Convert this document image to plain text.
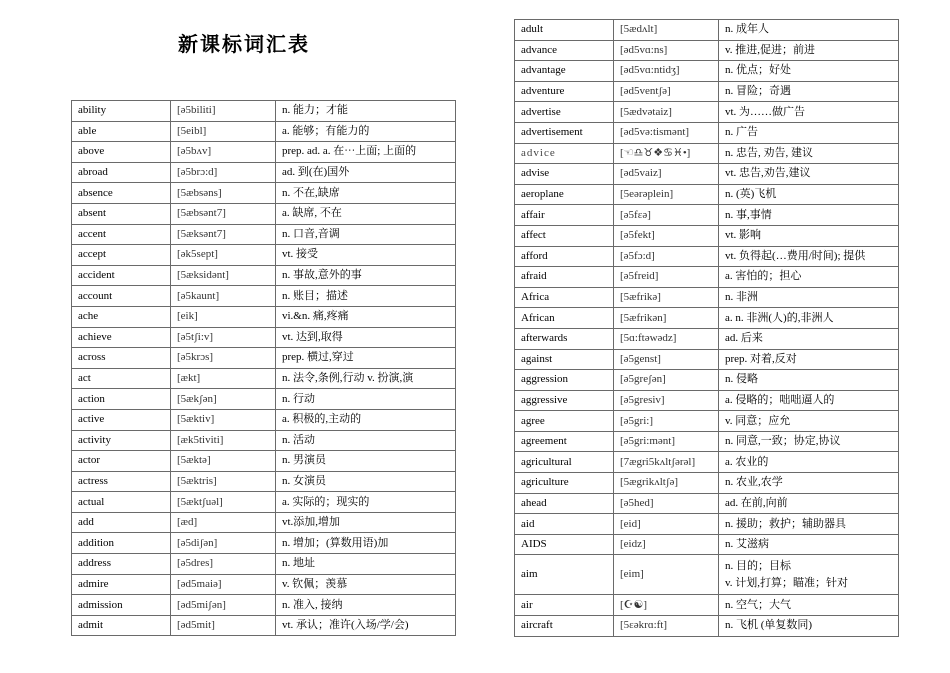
新课标词汇表
ability	[ə5biliti]	n. 能力；才能
able	[5eibl]	a. 能够；有能力的
above	[ə5bʌv]	prep. ad. a. 在⋯上面; 上面的
abroad	[ə5brɔ:d]	ad. 到(在)国外
absence	[5æbsəns]	n. 不在,缺席
absent	[5æbsənt7]	a. 缺席, 不在
accent	[5æksənt7]	n. 口音,音调
accept	[ək5sept]	vt. 接受
accident	[5æksidənt]	n. 事故,意外的事
account	[ə5kaunt]	n. 账目；描述
ache	[eik]	vi.&n. 痛,疼痛
achieve	[ə5tʃi:v]	vt. 达到,取得
across	[ə5krɔs]	prep. 横过,穿过
act	[ækt]	n. 法令,条例,行动 v. 扮演,演
action	[5ækʃən]	n. 行动
active	[5æktiv]	a. 积极的,主动的
activity	[æk5tiviti]	n. 活动
actor	[5æktə]	n. 男演员
actress	[5æktris]	n. 女演员
actual	[5æktʃuəl]	a. 实际的；现实的
add	[æd]	vt.添加,增加
addition	[ə5diʃən]	n. 增加；(算数用语)加
address	[ə5dres]	n. 地址
admire	[əd5maiə]	v. 钦佩；羡慕
admission	[əd5miʃən]	n. 准入, 接纳
admit	[əd5mit]	vt. 承认；准许(入场/学/会)
adult	[5ædʌlt]	n. 成年人
advance	[əd5vɑ:ns]	v. 推进,促进；前进
advantage	[əd5vɑ:ntidʒ]	n. 优点；好处
adventure	[əd5ventʃə]	n. 冒险；奇遇
advertise	[5ædvətaiz]	vt. 为……做广告
advertisement	[əd5və:tismənt]	n. 广告
advice	[☜♎︎♉︎❖♋︎♓︎•]	n. 忠告, 劝告, 建议
advise	[əd5vaiz]	vt. 忠告,劝告,建议
aeroplane	[5eərəplein]	n. (英)飞机
affair	[ə5fɛə]	n. 事,事情
affect	[ə5fekt]	vt. 影响
afford	[ə5fɔ:d]	vt. 负得起(…费用/时间); 提供
afraid	[ə5freid]	a. 害怕的；担心
Africa	[5æfrikə]	n. 非洲
African	[5æfrikən]	a. n. 非洲(人)的,非洲人
afterwards	[5ɑ:ftəwədz]	ad. 后来
against	[ə5genst]	prep. 对着,反对
aggression	[ə5greʃən]	n. 侵略
aggressive	[ə5gresiv]	a. 侵略的；咄咄逼人的
agree	[ə5gri:]	v. 同意；应允
agreement	[ə5gri:mənt]	n. 同意,一致；协定,协议
agricultural	[7ægri5kʌltʃərəl]	a. 农业的
agriculture	[5ægrikʌltʃə]	n. 农业,农学
ahead	[ə5hed]	ad. 在前,向前
aid	[eid]	n. 援助；救护；辅助器具
AIDS	[eidz]	n. 艾滋病
aim	[eim]	n. 目的；目标
v. 计划,打算；瞄准；针对

air	[☪︎☯︎]	n. 空气；大气
aircraft	[5ɛəkrɑ:ft]	n. 飞机 (单复数同)
